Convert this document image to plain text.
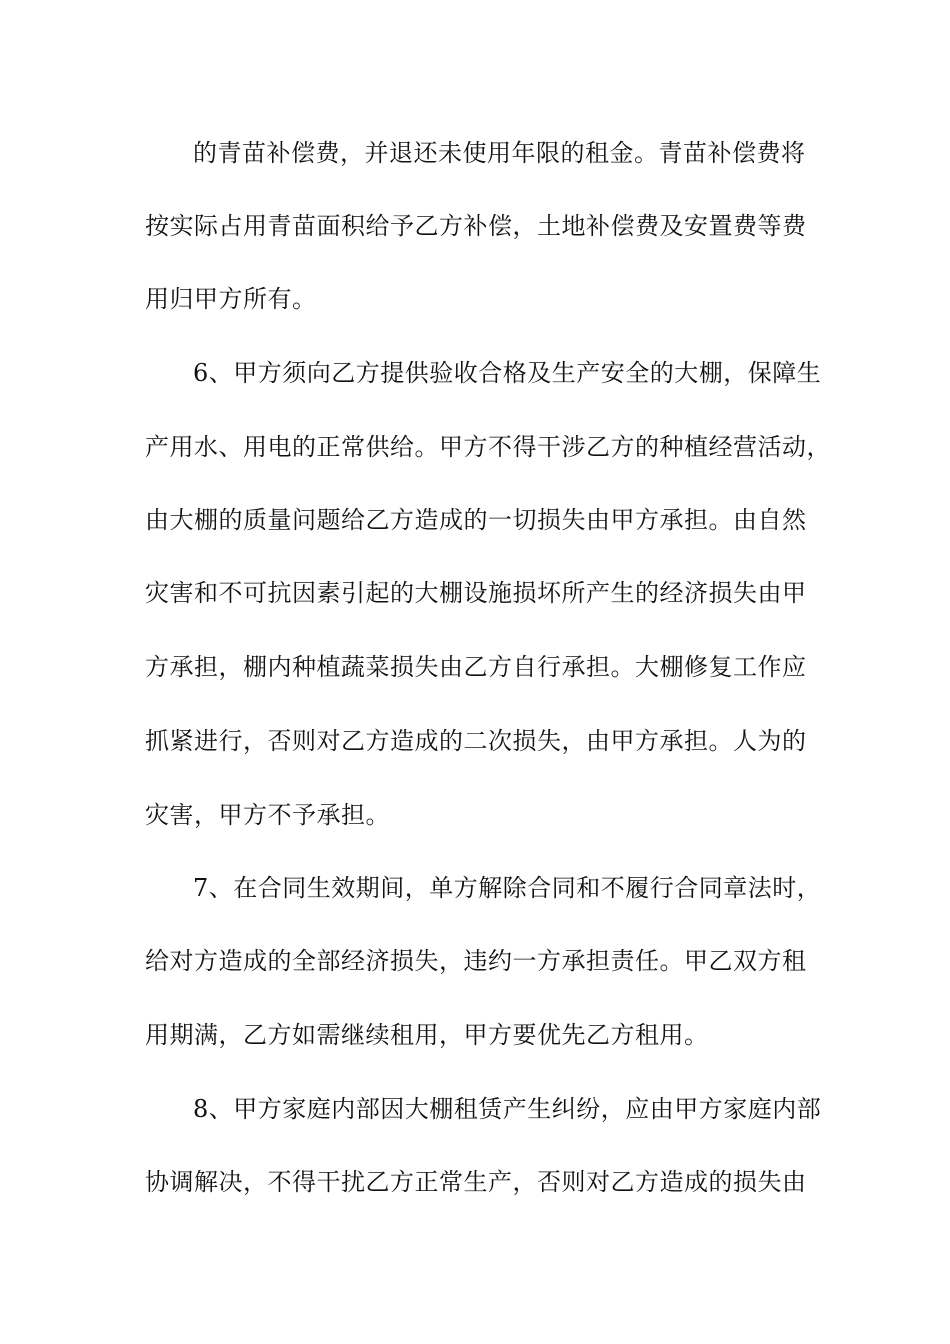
的青苗补偿费，并退还未使用年限的租金。青苗补偿费将
按实际占用青苗面积给予乙方补偿，土地补偿费及安置费等费
用归甲方所有。
6、甲方须向乙方提供验收合格及生产安全的大棚，保障生
产用水、用电的正常供给。甲方不得干涉乙方的种植经营活动，
由大棚的质量问题给乙方造成的一切损失由甲方承担。由自然
灾害和不可抗因素引起的大棚设施损坏所产生的经济损失由甲
方承担，棚内种植蔬菜损失由乙方自行承担。大棚修复工作应
抓紧进行，否则对乙方造成的二次损失，由甲方承担。人为的
灾害，甲方不予承担。
7、在合同生效期间，单方解除合同和不履行合同章法时，
给对方造成的全部经济损失，违约一方承担责任。甲乙双方租
用期满，乙方如需继续租用，甲方要优先乙方租用。
8、甲方家庭内部因大棚租赁产生纠纷，应由甲方家庭内部
协调解决，不得干扰乙方正常生产，否则对乙方造成的损失由
